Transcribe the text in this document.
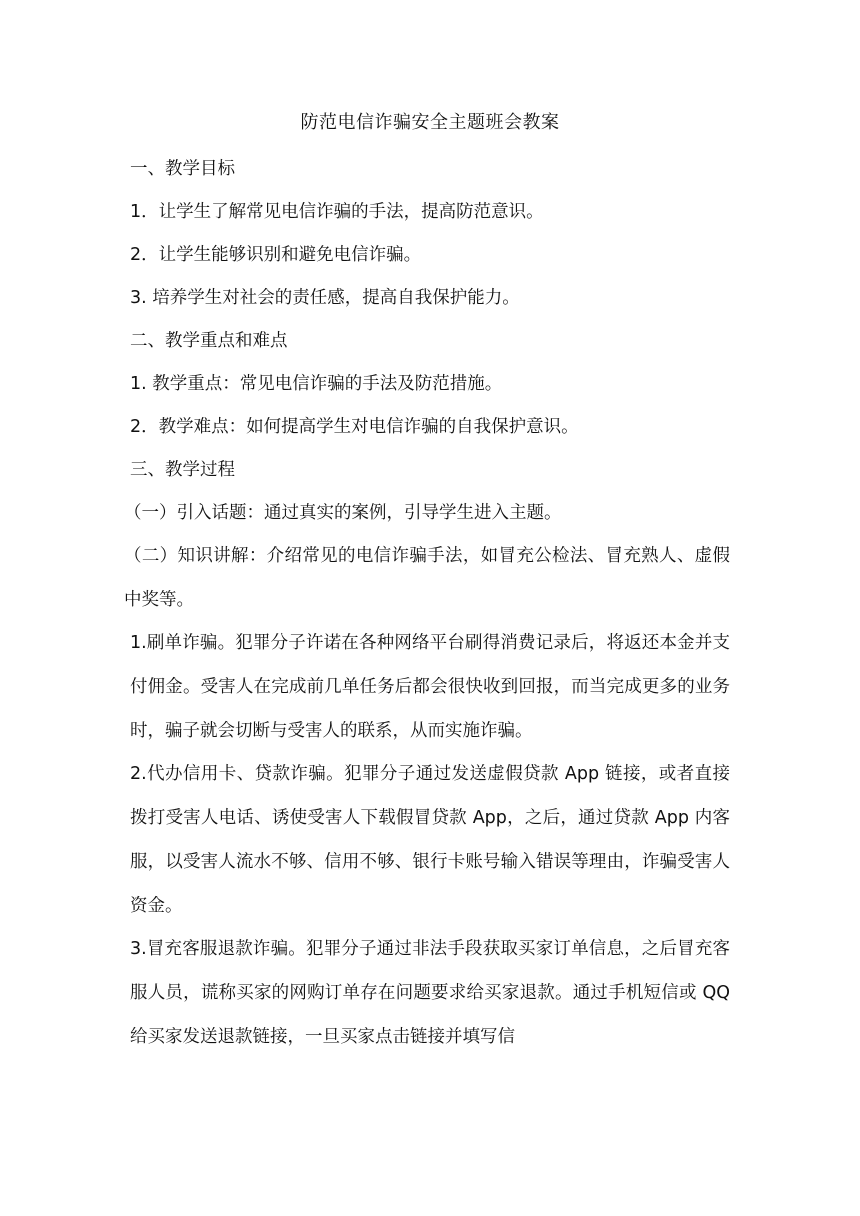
防范电信诈骗安全主题班会教案
一、教学目标
1．让学生了解常见电信诈骗的手法，提高防范意识。
2．让学生能够识别和避免电信诈骗。
3. 培养学生对社会的责任感，提高自我保护能力。
二、教学重点和难点
1. 教学重点：常见电信诈骗的手法及防范措施。
2．教学难点：如何提高学生对电信诈骗的自我保护意识。
三、教学过程
（一）引入话题：通过真实的案例，引导学生进入主题。
（二）知识讲解：介绍常见的电信诈骗手法，如冒充公检法、冒充熟人、虚假中奖等。
1.刷单诈骗。犯罪分子许诺在各种网络平台刷得消费记录后，将返还本金并支付佣金。受害人在完成前几单任务后都会很快收到回报，而当完成更多的业务时，骗子就会切断与受害人的联系，从而实施诈骗。
2.代办信用卡、贷款诈骗。犯罪分子通过发送虚假贷款 App 链接，或者直接拨打受害人电话、诱使受害人下载假冒贷款 App，之后，通过贷款 App 内客服，以受害人流水不够、信用不够、银行卡账号输入错误等理由，诈骗受害人资金。
3.冒充客服退款诈骗。犯罪分子通过非法手段获取买家订单信息，之后冒充客服人员，谎称买家的网购订单存在问题要求给买家退款。通过手机短信或 QQ 给买家发送退款链接，一旦买家点击链接并填写信
